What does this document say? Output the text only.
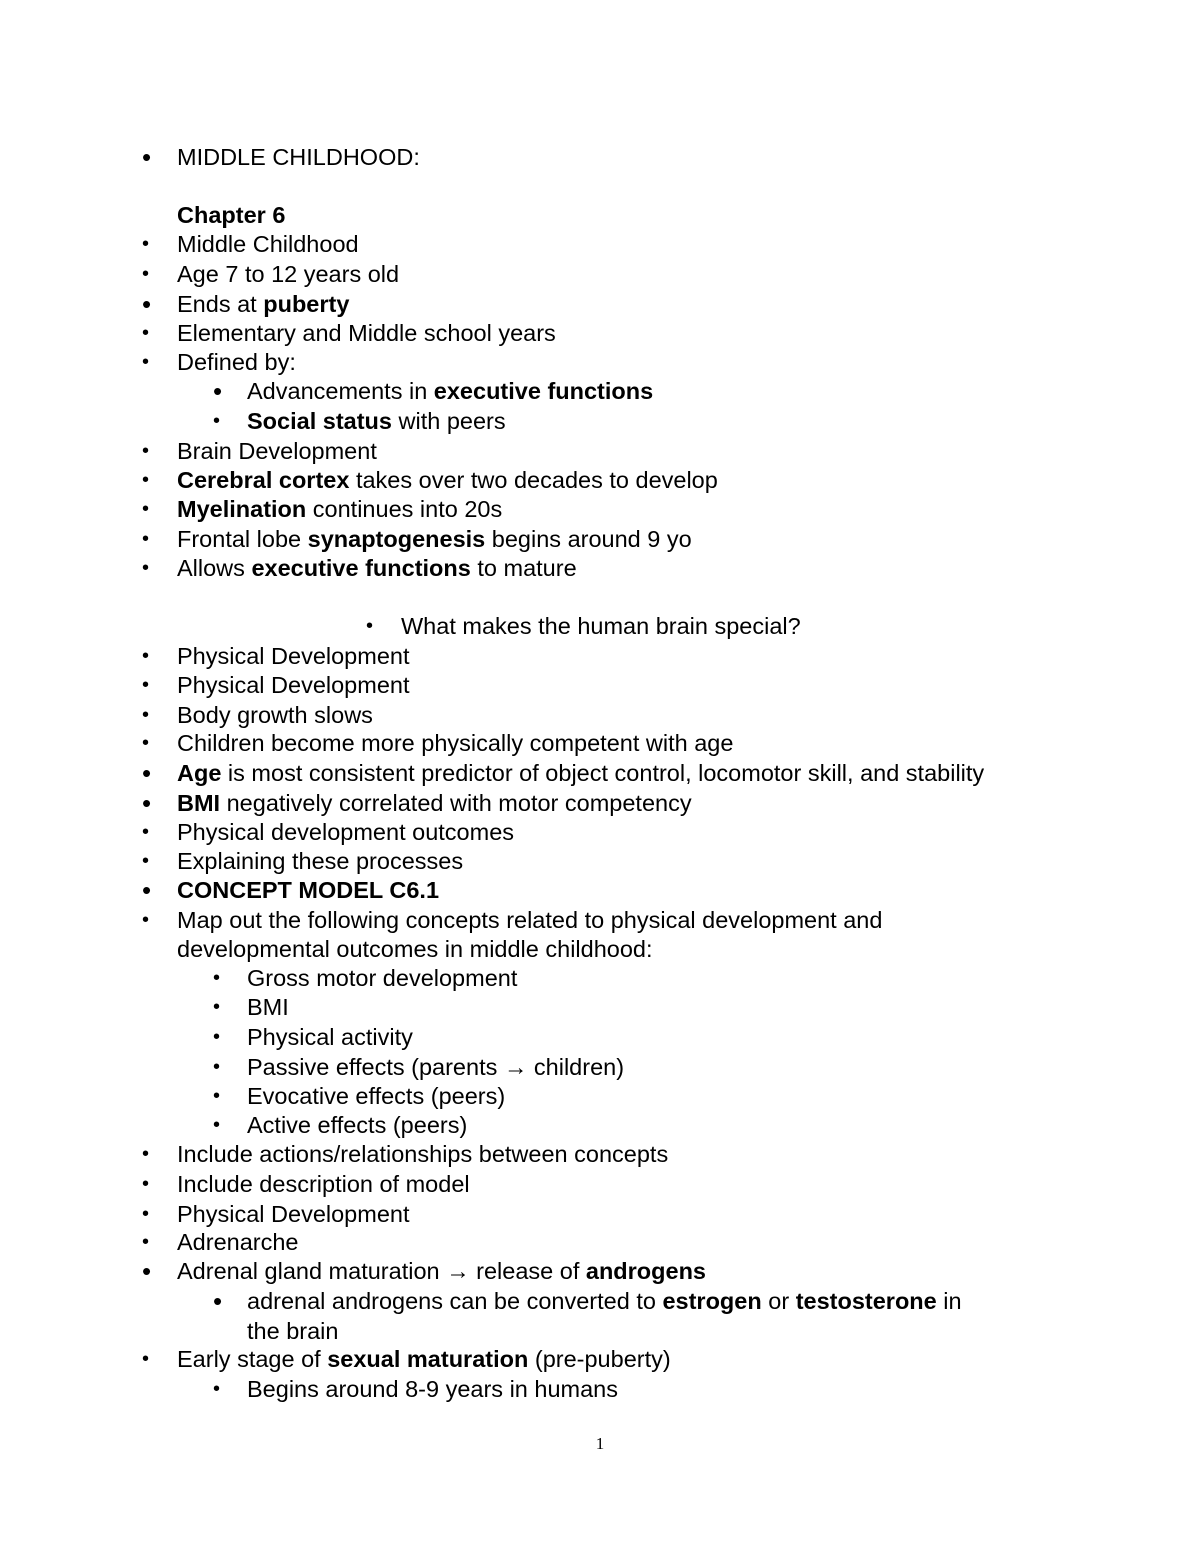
• MIDDLE CHILDHOOD:
Chapter 6
• Middle Childhood
• Age 7 to 12 years old
• Ends at puberty
• Elementary and Middle school years
• Defined by:
• Advancements in executive functions
• Social status with peers
• Brain Development
• Cerebral cortex takes over two decades to develop
• Myelination continues into 20s
• Frontal lobe synaptogenesis begins around 9 yo
• Allows executive functions to mature
• What makes the human brain special?
• Physical Development
• Physical Development
• Body growth slows
• Children become more physically competent with age
• Age is most consistent predictor of object control, locomotor skill, and stability
• BMI negatively correlated with motor competency
• Physical development outcomes
• Explaining these processes
• CONCEPT MODEL C6.1
• Map out the following concepts related to physical development and
developmental outcomes in middle childhood:
• Gross motor development
• BMI
• Physical activity
• Passive effects (parents → children)
• Evocative effects (peers)
• Active effects (peers)
• Include actions/relationships between concepts
• Include description of model
• Physical Development
• Adrenarche
• Adrenal gland maturation → release of androgens
• adrenal androgens can be converted to estrogen or testosterone in
the brain
• Early stage of sexual maturation (pre-puberty)
• Begins around 8-9 years in humans
1
